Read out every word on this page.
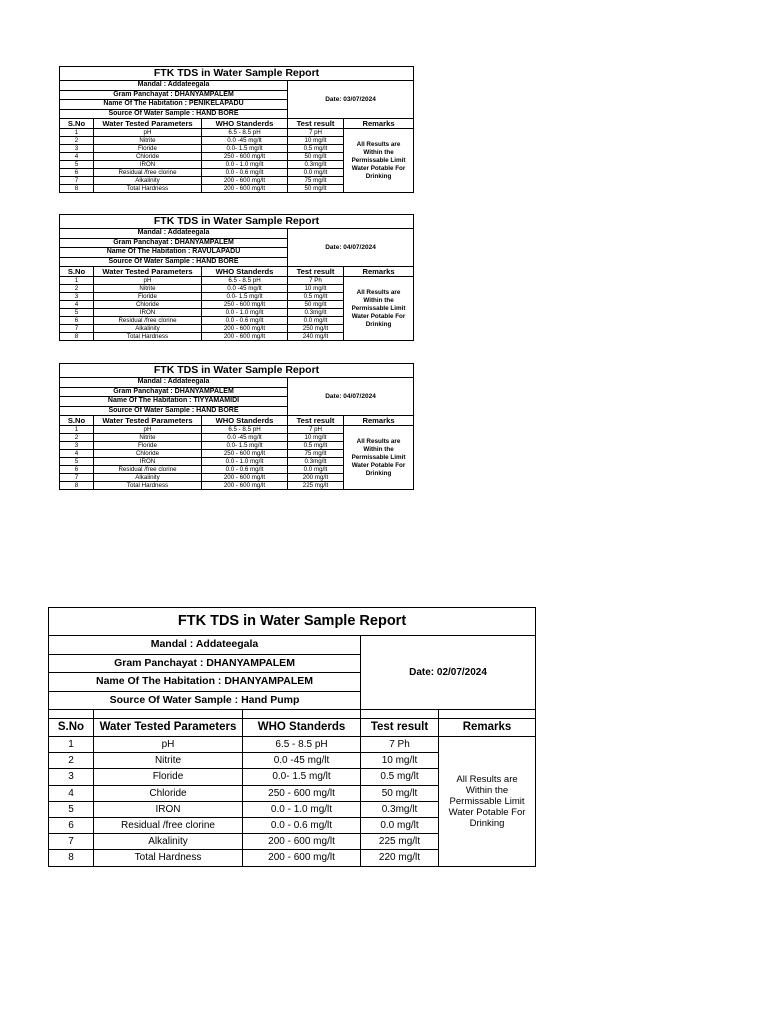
FTK TDS in Water Sample Report				
Mandal : Addateegala			Date: 03/07/2024	
Gram Panchayat : DHANYAMPALEM				
Name Of The Habitation : PENIKELAPADU				
Source Of Water Sample : HAND BORE				
S.No	Water Tested Parameters	WHO Standerds	Test result	Remarks
1	pH	6.5 - 8.5 pH	7 pH	All Results are Within the Permissable Limit Water Potable For Drinking
2	Nitrite	0.0 -45 mg/lt	10 mg/lt	
3	Floride	0.0- 1.5 mg/lt	0.5 mg/lt	
4	Chloride	250 - 600 mg/lt	50 mg/lt	
5	IRON	0.0 - 1.0 mg/lt	0.3mg/lt	
6	Residual /free clorine	0.0 - 0.6 mg/lt	0.0 mg/lt	
7	Alkalinity	200 - 600 mg/lt	75 mg/lt	
8	Total Hardness	200 - 600 mg/lt	50 mg/lt	
FTK TDS in Water Sample Report				
Mandal : Addateegala			Date: 04/07/2024	
Gram Panchayat : DHANYAMPALEM				
Name Of The Habitation : RAVULAPADU				
Source Of Water Sample : HAND BORE				
S.No	Water Tested Parameters	WHO Standerds	Test result	Remarks
1	pH	6.5 - 8.5 pH	7 Ph	All Results are Within the Permissable Limit Water Potable For Drinking
2	Nitrite	0.0 -45 mg/lt	10 mg/lt	
3	Floride	0.0- 1.5 mg/lt	0.5 mg/lt	
4	Chloride	250 - 600 mg/lt	50 mg/lt	
5	IRON	0.0 - 1.0 mg/lt	0.3mg/lt	
6	Residual /free clorine	0.0 - 0.6 mg/lt	0.0 mg/lt	
7	Alkalinity	200 - 600 mg/lt	250 mg/lt	
8	Total Hardness	200 - 600 mg/lt	240 mg/lt	
FTK TDS in Water Sample Report				
Mandal : Addateegala			Date: 04/07/2024	
Gram Panchayat : DHANYAMPALEM				
Name Of The Habitation : TIYYAMAMIDI				
Source Of Water Sample : HAND BORE				
S.No	Water Tested Parameters	WHO Standerds	Test result	Remarks
1	pH	6.5 - 8.5 pH	7 pH	All Results are Within the Permissable Limit Water Potable For Drinking
2	Nitrite	0.0 -45 mg/lt	10 mg/lt	
3	Floride	0.0- 1.5 mg/lt	0.5 mg/lt	
4	Chloride	250 - 600 mg/lt	75 mg/lt	
5	IRON	0.0 - 1.0 mg/lt	0.3mg/lt	
6	Residual /free clorine	0.0 - 0.6 mg/lt	0.0 mg/lt	
7	Alkalinity	200 - 600 mg/lt	200 mg/lt	
8	Total Hardness	200 - 600 mg/lt	225 mg/lt	
FTK TDS in Water Sample Report				
Mandal : Addateegala			Date: 02/07/2024	
Gram Panchayat : DHANYAMPALEM				
Name Of The Habitation : DHANYAMPALEM				
Source Of Water Sample : Hand Pump				

S.No	Water Tested Parameters	WHO Standerds	Test result	Remarks
1	pH	6.5 - 8.5 pH	7 Ph	All Results are Within the Permissable Limit Water Potable For Drinking
2	Nitrite	0.0 -45 mg/lt	10 mg/lt	
3	Floride	0.0- 1.5 mg/lt	0.5 mg/lt	
4	Chloride	250 - 600 mg/lt	50 mg/lt	
5	IRON	0.0 - 1.0 mg/lt	0.3mg/lt	
6	Residual /free clorine	0.0 - 0.6 mg/lt	0.0 mg/lt	
7	Alkalinity	200 - 600 mg/lt	225 mg/lt	
8	Total Hardness	200 - 600 mg/lt	220 mg/lt	
